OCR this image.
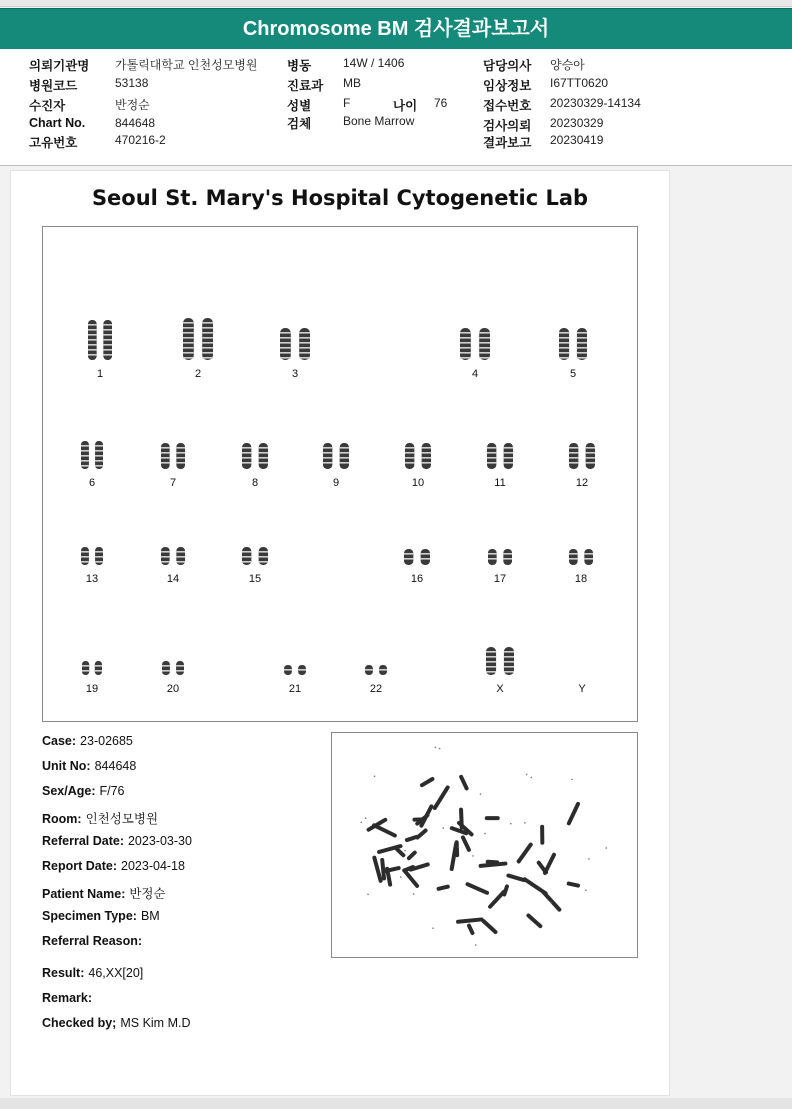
Chromosome BM 검사결과보고서
의뢰기관명 가톨릭대학교 인천성모병원
병원코드	53138
수진자	반정순
Chart No. 844648
고유번호	470216-2
병동	14W / 1406
진료과 MB
성별	F	나이 76
검체	Bone Marrow
담당의사 양승아
임상정보 I67TT0620
접수번호 20230329-14134
검사의뢰 20230329
결과보고 20230419
Seoul St. Mary's Hospital Cytogenetic Lab
1	2	3	4	5
6	7	8	9	10	11	12
13	14	15	16	17	18
19	20	21	22	X	Y
Case: 23-02685
Unit No: 844648
Sex/Age: F/76
Room: 인천성모병원
Referral Date: 2023-03-30
Report Date: 2023-04-18
Patient Name: 반정순
Specimen Type: BM
Referral Reason:
Result: 46,XX[20]
Remark:
Checked by; MS Kim M.D
